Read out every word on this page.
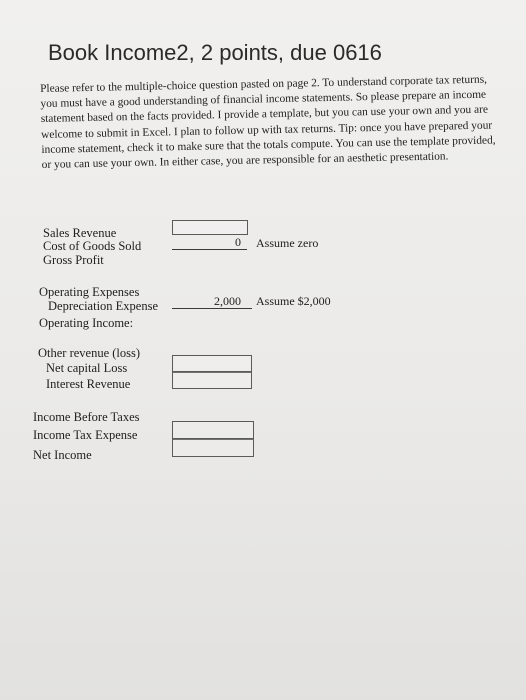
Book Income2, 2 points, due 0616

Please refer to the multiple-choice question pasted on page 2. To understand corporate tax returns, you must have a good understanding of financial income statements. So please prepare an income statement based on the facts provided. I provide a template, but you can use your own and you are welcome to submit in Excel. I plan to follow up with tax returns. Tip: once you have prepared your income statement, check it to make sure that the totals compute. You can use the template provided, or you can use your own. In either case, you are responsible for an aesthetic presentation.

Sales Revenue
Cost of Goods Sold	0 Assume zero
Gross Profit
Operating Expenses
Depreciation Expense	2,000 Assume $2,000
Operating Income:
Other revenue (loss)
Net capital Loss
Interest Revenue
Income Before Taxes
Income Tax Expense
Net Income
